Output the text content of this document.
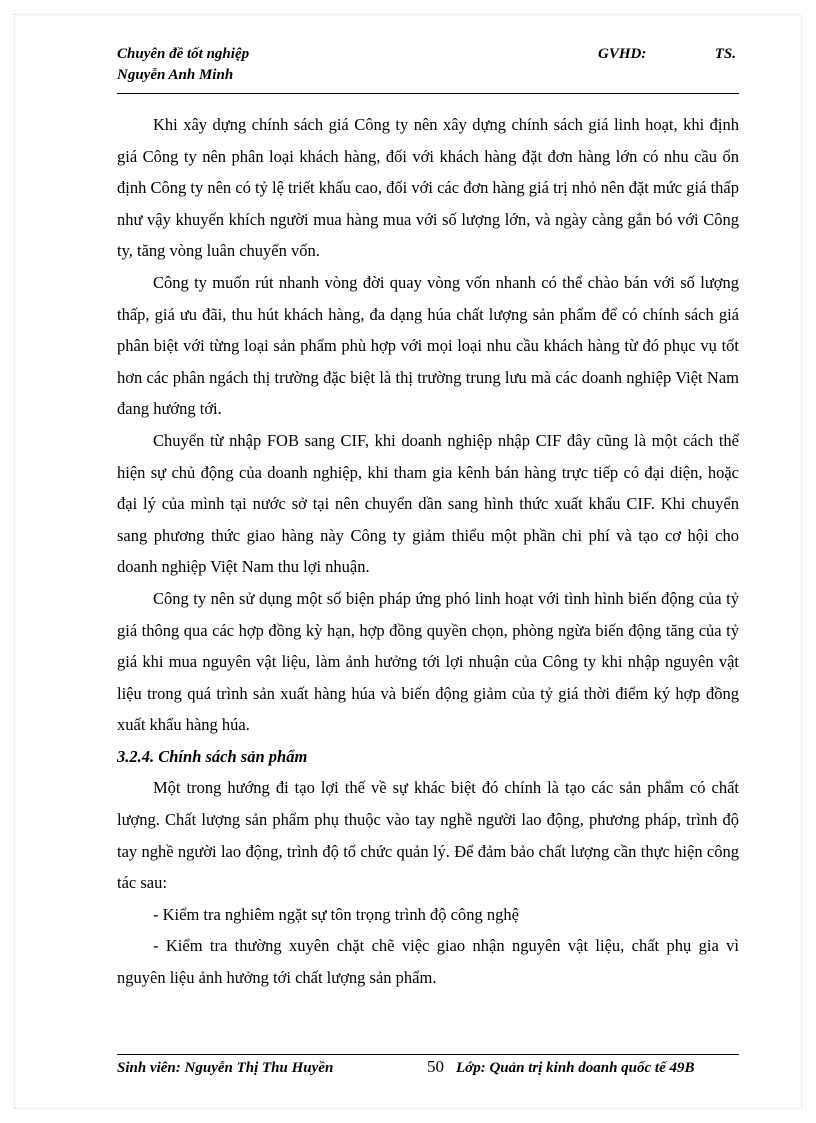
Chuyên đề tốt nghiệp	GVHD:	TS.
Nguyễn Anh Minh

Khi xây dựng chính sách giá Công ty nên xây dựng chính sách giá linh hoạt, khi định giá Công ty nên phân loại khách hàng, đối với khách hàng đặt đơn hàng lớn có nhu cầu ổn định Công ty nên có tỷ lệ triết khấu cao, đối với các đơn hàng giá trị nhỏ nên đặt mức giá thấp như vậy khuyến khích người mua hàng mua với số lượng lớn, và ngày càng gắn bó với Công ty, tăng vòng luân chuyển vốn.

Công ty muốn rút nhanh vòng đời quay vòng vốn nhanh có thể chào bán với số lượng thấp, giá ưu đãi, thu hút khách hàng, đa dạng húa chất lượng sản phẩm để có chính sách giá phân biệt với từng loại sản phẩm phù hợp với mọi loại nhu cầu khách hàng từ đó phục vụ tốt hơn các phân ngách thị trường đặc biệt là thị trường trung lưu mà các doanh nghiệp Việt Nam đang hướng tới.

Chuyển từ nhập FOB sang CIF, khi doanh nghiệp nhập CIF đây cũng là một cách thể hiện sự chủ động của doanh nghiệp, khi tham gia kênh bán hàng trực tiếp có đại diện, hoặc đại lý của mình tại nước sở tại nên chuyển dần sang hình thức xuất khẩu CIF. Khi chuyển sang phương thức giao hàng này Công ty giảm thiểu một phần chi phí và tạo cơ hội cho doanh nghiệp Việt Nam thu lợi nhuận.

Công ty nên sử dụng một số biện pháp ứng phó linh hoạt với tình hình biến động của tỷ giá thông qua các hợp đồng kỳ hạn, hợp đồng quyền chọn, phòng ngừa biến động tăng của tỷ giá khi mua nguyên vật liệu, làm ảnh hưởng tới lợi nhuận của Công ty khi nhập nguyên vật liệu trong quá trình sản xuất hàng húa và biến động giảm của tỷ giá thời điểm ký hợp đồng xuất khẩu hàng húa.

3.2.4. Chính sách sản phẩm

Một trong hướng đi tạo lợi thế về sự khác biệt đó chính là tạo các sản phẩm có chất lượng. Chất lượng sản phẩm phụ thuộc vào tay nghề người lao động, phương pháp, trình độ tay nghề người lao động, trình độ tổ chức quản lý. Để đảm bảo chất lượng cần thực hiện công tác sau:

- Kiểm tra nghiêm ngặt sự tôn trọng trình độ công nghệ

- Kiểm tra thường xuyên chặt chẽ việc giao nhận nguyên vật liệu, chất phụ gia vì nguyên liệu ảnh hưởng tới chất lượng sản phẩm.

Sinh viên: Nguyễn Thị Thu Huyền	50 Lớp: Quản trị kinh doanh quốc tế 49B
